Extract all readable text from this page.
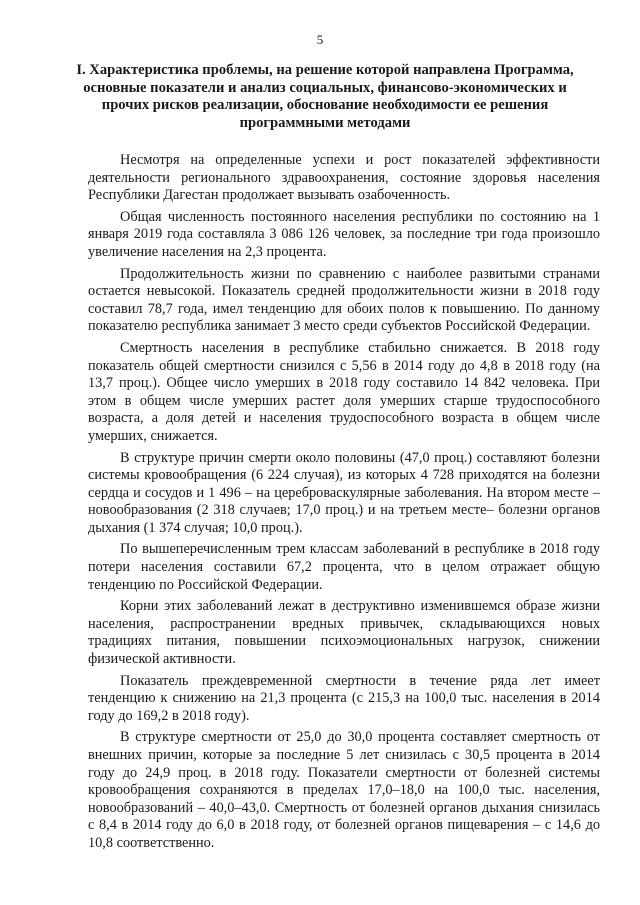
5
I. Характеристика проблемы, на решение которой направлена Программа, основные показатели и анализ социальных, финансово-экономических и прочих рисков реализации, обоснование необходимости ее решения программными методами

Несмотря на определенные успехи и рост показателей эффективности деятельности регионального здравоохранения, состояние здоровья населения Республики Дагестан продолжает вызывать озабоченность.

Общая численность постоянного населения республики по состоянию на 1 января 2019 года составляла 3 086 126 человек, за последние три года произошло увеличение населения на 2,3 процента.

Продолжительность жизни по сравнению с наиболее развитыми странами остается невысокой. Показатель средней продолжительности жизни в 2018 году составил 78,7 года, имел тенденцию для обоих полов к повышению. По данному показателю республика занимает 3 место среди субъектов Российской Федерации.

Смертность населения в республике стабильно снижается. В 2018 году показатель общей смертности снизился с 5,56 в 2014 году до 4,8 в 2018 году (на 13,7 проц.). Общее число умерших в 2018 году составило 14 842 человека. При этом в общем числе умерших растет доля умерших старше трудоспособного возраста, а доля детей и населения трудоспособного возраста в общем числе умерших, снижается.

В структуре причин смерти около половины (47,0 проц.) составляют болезни системы кровообращения (6 224 случая), из которых 4 728 приходятся на болезни сердца и сосудов и 1 496 – на цереброваскулярные заболевания. На втором месте – новообразования (2 318 случаев; 17,0 проц.) и на третьем месте– болезни органов дыхания (1 374 случая; 10,0 проц.).

По вышеперечисленным трем классам заболеваний в республике в 2018 году потери населения составили 67,2 процента, что в целом отражает общую тенденцию по Российской Федерации.

Корни этих заболеваний лежат в деструктивно изменившемся образе жизни населения, распространении вредных привычек, складывающихся новых традициях питания, повышении психоэмоциональных нагрузок, снижении физической активности.

Показатель преждевременной смертности в течение ряда лет имеет тенденцию к снижению на 21,3 процента (с 215,3 на 100,0 тыс. населения в 2014 году до 169,2 в 2018 году).

В структуре смертности от 25,0 до 30,0 процента составляет смертность от внешних причин, которые за последние 5 лет снизилась с 30,5 процента в 2014 году до 24,9 проц. в 2018 году. Показатели смертности от болезней системы кровообращения сохраняются в пределах 17,0–18,0 на 100,0 тыс. населения, новообразований – 40,0–43,0. Смертность от болезней органов дыхания снизилась с 8,4 в 2014 году до 6,0 в 2018 году, от болезней органов пищеварения – с 14,6 до 10,8 соответственно.
